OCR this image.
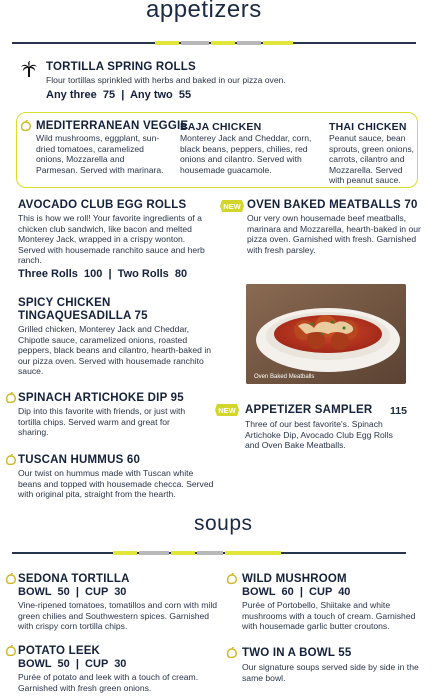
appetizers
TORTILLA SPRING ROLLS
Flour tortillas sprinkled with herbs and baked in our pizza oven.
Any three  75  |  Any two  55
MEDITERRANEAN VEGGIE
Wild mushrooms, eggplant, sun-dried tomatoes, caramelized onions, Mozzarella and Parmesan. Served with marinara.
BAJA CHICKEN
Monterey Jack and Cheddar, corn, black beans, peppers, chilies, red onions and cilantro. Served with housemade guacamole.
THAI CHICKEN
Peanut sauce, bean sprouts, green onions, carrots, cilantro and Mozzarella. Served with peanut sauce.
AVOCADO CLUB EGG ROLLS
This is how we roll! Your favorite ingredients of a chicken club sandwich, like bacon and melted Monterey Jack, wrapped in a crispy wonton. Served with housemade ranchito sauce and herb ranch.
Three Rolls  100  |  Two Rolls  80
NEW OVEN BAKED MEATBALLS 70
Our very own housemade beef meatballs, marinara and Mozzarella, hearth-baked in our pizza oven. Garnished with fresh. Garnished with fresh parsley.
Oven Baked Meatballs
SPICY CHICKEN
TINGAQUESADILLA 75
Grilled chicken, Monterey Jack and Cheddar, Chipotle sauce, caramelized onions, roasted peppers, black beans and cilantro, hearth-baked in our pizza oven. Served with housemade ranchito sauce.
SPINACH ARTICHOKE DIP 95
Dip into this favorite with friends, or just with tortilla chips. Served warm and great for sharing.
NEW APPETIZER SAMPLER 115
Three of our best favorite's. Spinach Artichoke Dip, Avocado Club Egg Rolls and Oven Bake Meatballs.
TUSCAN HUMMUS 60
Our twist on hummus made with Tuscan white beans and topped with housemade checca. Served with original pita, straight from the hearth.
soups
SEDONA TORTILLA
BOWL  50  |  CUP  30
Vine-ripened tomatoes, tomatillos and corn with mild green chilies and Southwestern spices. Garnished with crispy corn tortilla chips.
WILD MUSHROOM
BOWL  60  |  CUP  40
Purée of Portobello, Shiitake and white mushrooms with a touch of cream. Garnished with housemade garlic butter croutons.
POTATO LEEK
BOWL  50  |  CUP  30
Purée of potato and leek with a touch of cream. Garnished with fresh green onions.
TWO IN A BOWL 55
Our signature soups served side by side in the same bowl.
